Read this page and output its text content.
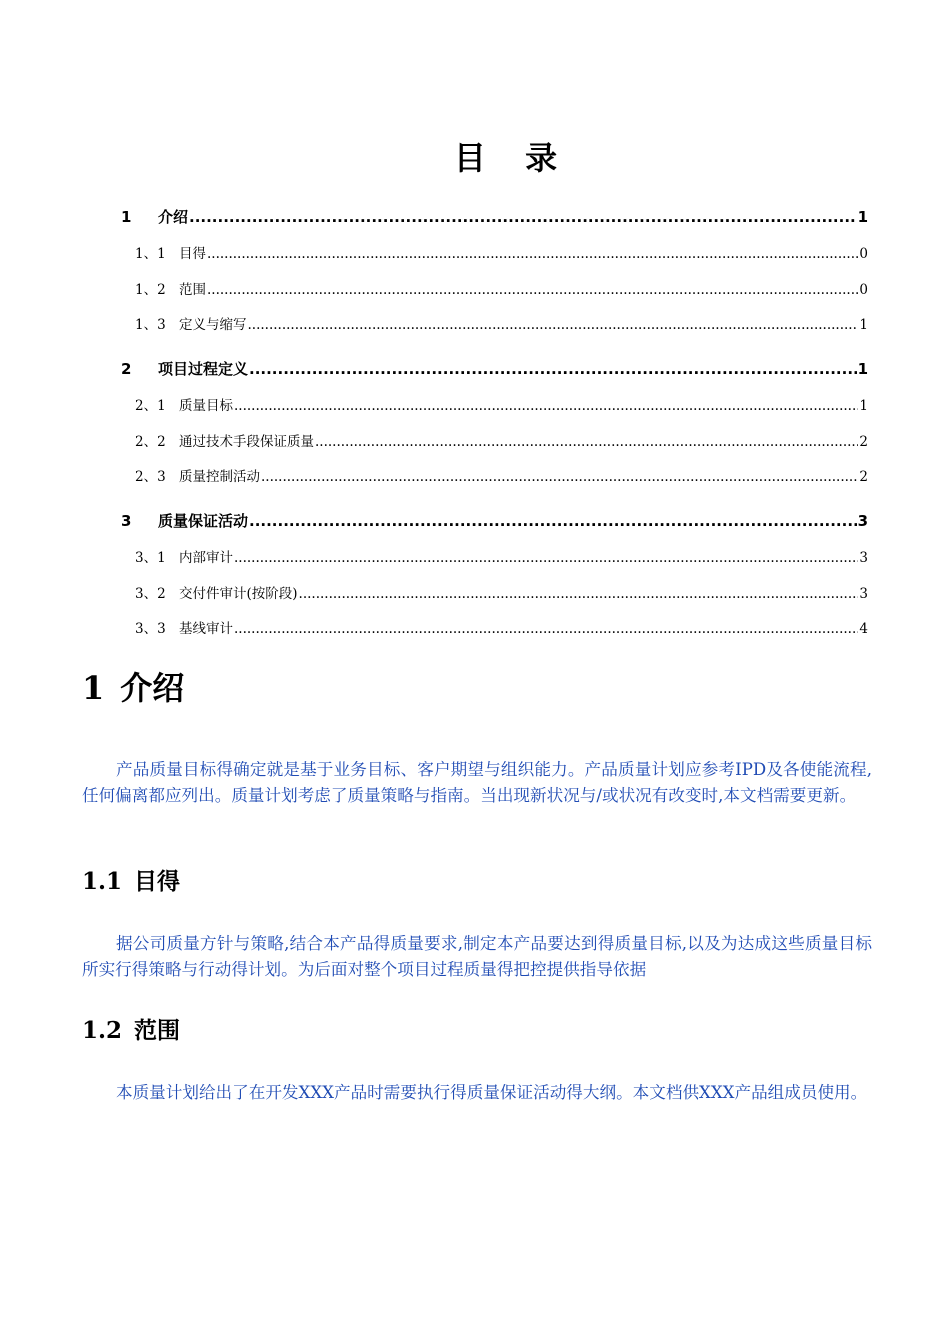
目 录
1	介绍 .....	1
1、1 目得 .....	0
1、2 范围 .....	0
1、3 定义与缩写 .....	1
2	项目过程定义 .....	1
2、1 质量目标 .....	1
2、2 通过技术手段保证质量 .....	2
2、3 质量控制活动 .....	2
3	质量保证活动 .....	3
3、1 内部审计 .....	3
3、2 交付件审计(按阶段) .....	3
3、3 基线审计 .....	4
1 介绍

产品质量目标得确定就是基于业务目标、客户期望与组织能力。产品质量计划应参考IPD及各使能流程,任何偏离都应列出。质量计划考虑了质量策略与指南。当出现新状况与/或状况有改变时,本文档需要更新。

1.1 目得

据公司质量方针与策略,结合本产品得质量要求,制定本产品要达到得质量目标,以及为达成这些质量目标所实行得策略与行动得计划。为后面对整个项目过程质量得把控提供指导依据

1.2 范围

本质量计划给出了在开发XXX产品时需要执行得质量保证活动得大纲。本文档供XXX产品组成员使用。
